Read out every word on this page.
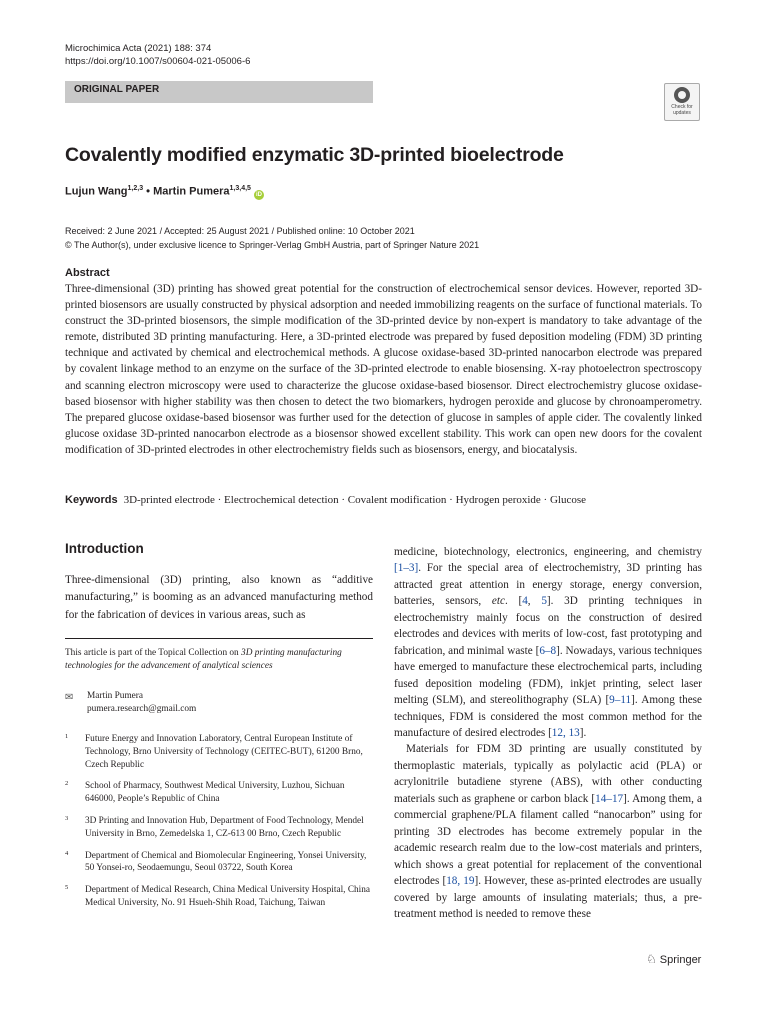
Microchimica Acta (2021) 188: 374
https://doi.org/10.1007/s00604-021-05006-6
ORIGINAL PAPER
Check for updates
Covalently modified enzymatic 3D-printed bioelectrode
Lujun Wang$^{1,2,3}$ • Martin Pumera$^{1,3,4,5}$iD
Received: 2 June 2021 / Accepted: 25 August 2021 / Published online: 10 October 2021
© The Author(s), under exclusive licence to Springer-Verlag GmbH Austria, part of Springer Nature 2021
Abstract
Three-dimensional (3D) printing has showed great potential for the construction of electrochemical sensor devices. However, reported 3D-printed biosensors are usually constructed by physical adsorption and needed immobilizing reagents on the surface of functional materials. To construct the 3D-printed biosensors, the simple modification of the 3D-printed device by non-expert is mandatory to take advantage of the remote, distributed 3D printing manufacturing. Here, a 3D-printed electrode was prepared by fused deposition modeling (FDM) 3D printing technique and activated by chemical and electrochemical methods. A glucose oxidase-based 3D-printed nanocarbon electrode was prepared by covalent linkage method to an enzyme on the surface of the 3D-printed electrode to enable biosensing. X-ray photoelectron spectroscopy and scanning electron microscopy were used to characterize the glucose oxidase-based biosensor. Direct electrochemistry glucose oxidase-based biosensor with higher stability was then chosen to detect the two biomarkers, hydrogen peroxide and glucose by chronoamperometry. The prepared glucose oxidase-based biosensor was further used for the detection of glucose in samples of apple cider. The covalently linked glucose oxidase 3D-printed nanocarbon electrode as a biosensor showed excellent stability. This work can open new doors for the covalent modification of 3D-printed electrodes in other electrochemistry fields such as biosensors, energy, and biocatalysis.
Keywords 3D-printed electrode · Electrochemical detection · Covalent modification · Hydrogen peroxide · Glucose
Introduction
Three-dimensional (3D) printing, also known as “additive manufacturing,” is booming as an advanced manufacturing method for the fabrication of devices in various areas, such as
This article is part of the Topical Collection on 3D printing manufacturing technologies for the advancement of analytical sciences
✉ Martin Pumera
pumera.research@gmail.com
1 Future Energy and Innovation Laboratory, Central European Institute of Technology, Brno University of Technology (CEITEC-BUT), 61200 Brno, Czech Republic
2 School of Pharmacy, Southwest Medical University, Luzhou, Sichuan 646000, People’s Republic of China
3 3D Printing and Innovation Hub, Department of Food Technology, Mendel University in Brno, Zemedelska 1, CZ-613 00 Brno, Czech Republic
4 Department of Chemical and Biomolecular Engineering, Yonsei University, 50 Yonsei-ro, Seodaemungu, Seoul 03722, South Korea
5 Department of Medical Research, China Medical University Hospital, China Medical University, No. 91 Hsueh-Shih Road, Taichung, Taiwan

medicine, biotechnology, electronics, engineering, and chemistry [1–3]. For the special area of electrochemistry, 3D printing has attracted great attention in energy storage, energy conversion, batteries, sensors, etc. [4, 5]. 3D printing techniques in electrochemistry mainly focus on the construction of desired electrodes and devices with merits of low-cost, fast prototyping and fabrication, and minimal waste [6–8]. Nowadays, various techniques have emerged to manufacture these electrochemical parts, including fused deposition modeling (FDM), inkjet printing, select laser melting (SLM), and stereolithography (SLA) [9–11]. Among these techniques, FDM is considered the most common method for the manufacture of desired electrodes [12, 13].

Materials for FDM 3D printing are usually constituted by thermoplastic materials, typically as polylactic acid (PLA) or acrylonitrile butadiene styrene (ABS), with other conducting materials such as graphene or carbon black [14–17]. Among them, a commercial graphene/PLA filament called “nanocarbon” using for printing 3D electrodes has become extremely popular in the academic research realm due to the low-cost materials and printers, which shows a great potential for replacement of the conventional electrodes [18, 19]. However, these as-printed electrodes are usually covered by large amounts of insulating materials; thus, a pre-treatment method is needed to remove these

♘ Springer
